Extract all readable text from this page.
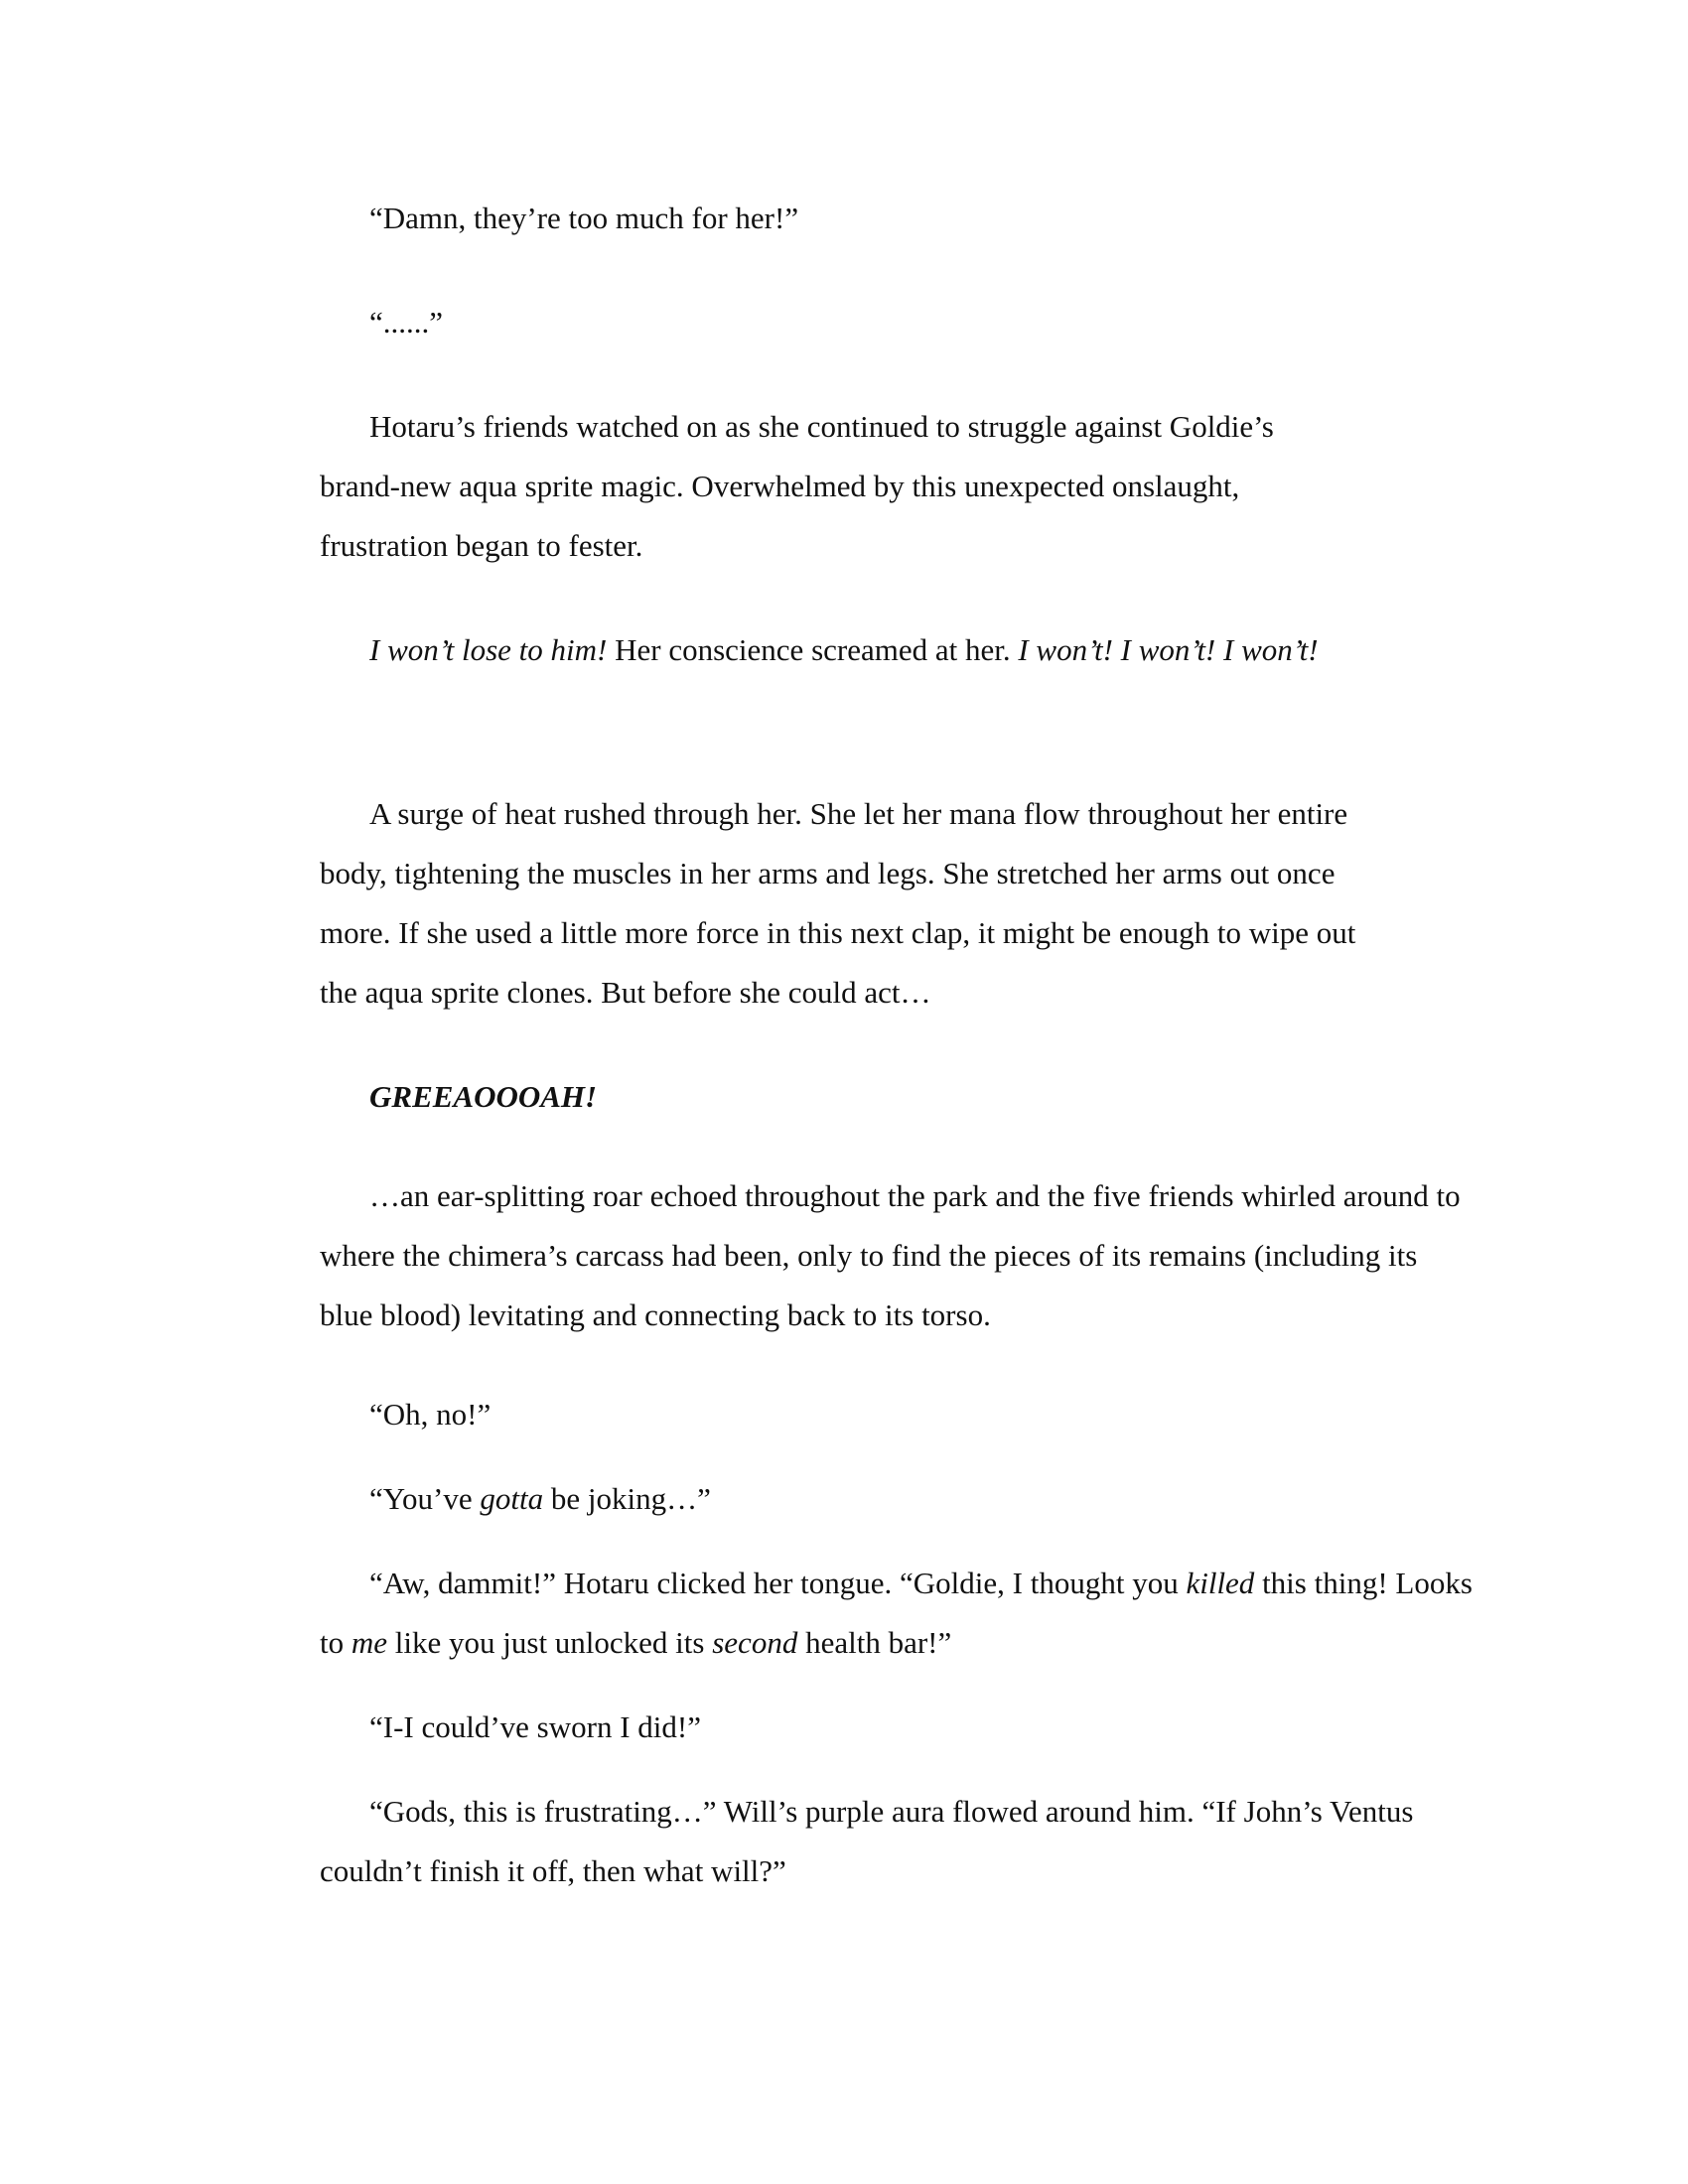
“Damn, they’re too much for her!”

“......”

Hotaru’s friends watched on as she continued to struggle against Goldie’s brand-new aqua sprite magic. Overwhelmed by this unexpected onslaught, frustration began to fester.

I won’t lose to him! Her conscience screamed at her. I won’t! I won’t! I won’t!

A surge of heat rushed through her. She let her mana flow throughout her entire body, tightening the muscles in her arms and legs. She stretched her arms out once more. If she used a little more force in this next clap, it might be enough to wipe out the aqua sprite clones. But before she could act…

GREEAOOOAH!

…an ear-splitting roar echoed throughout the park and the five friends whirled around to where the chimera’s carcass had been, only to find the pieces of its remains (including its blue blood) levitating and connecting back to its torso.

“Oh, no!”

“You’ve gotta be joking…”

“Aw, dammit!” Hotaru clicked her tongue. “Goldie, I thought you killed this thing! Looks to me like you just unlocked its second health bar!”

“I-I could’ve sworn I did!”

“Gods, this is frustrating…” Will’s purple aura flowed around him. “If John’s Ventus couldn’t finish it off, then what will?”
